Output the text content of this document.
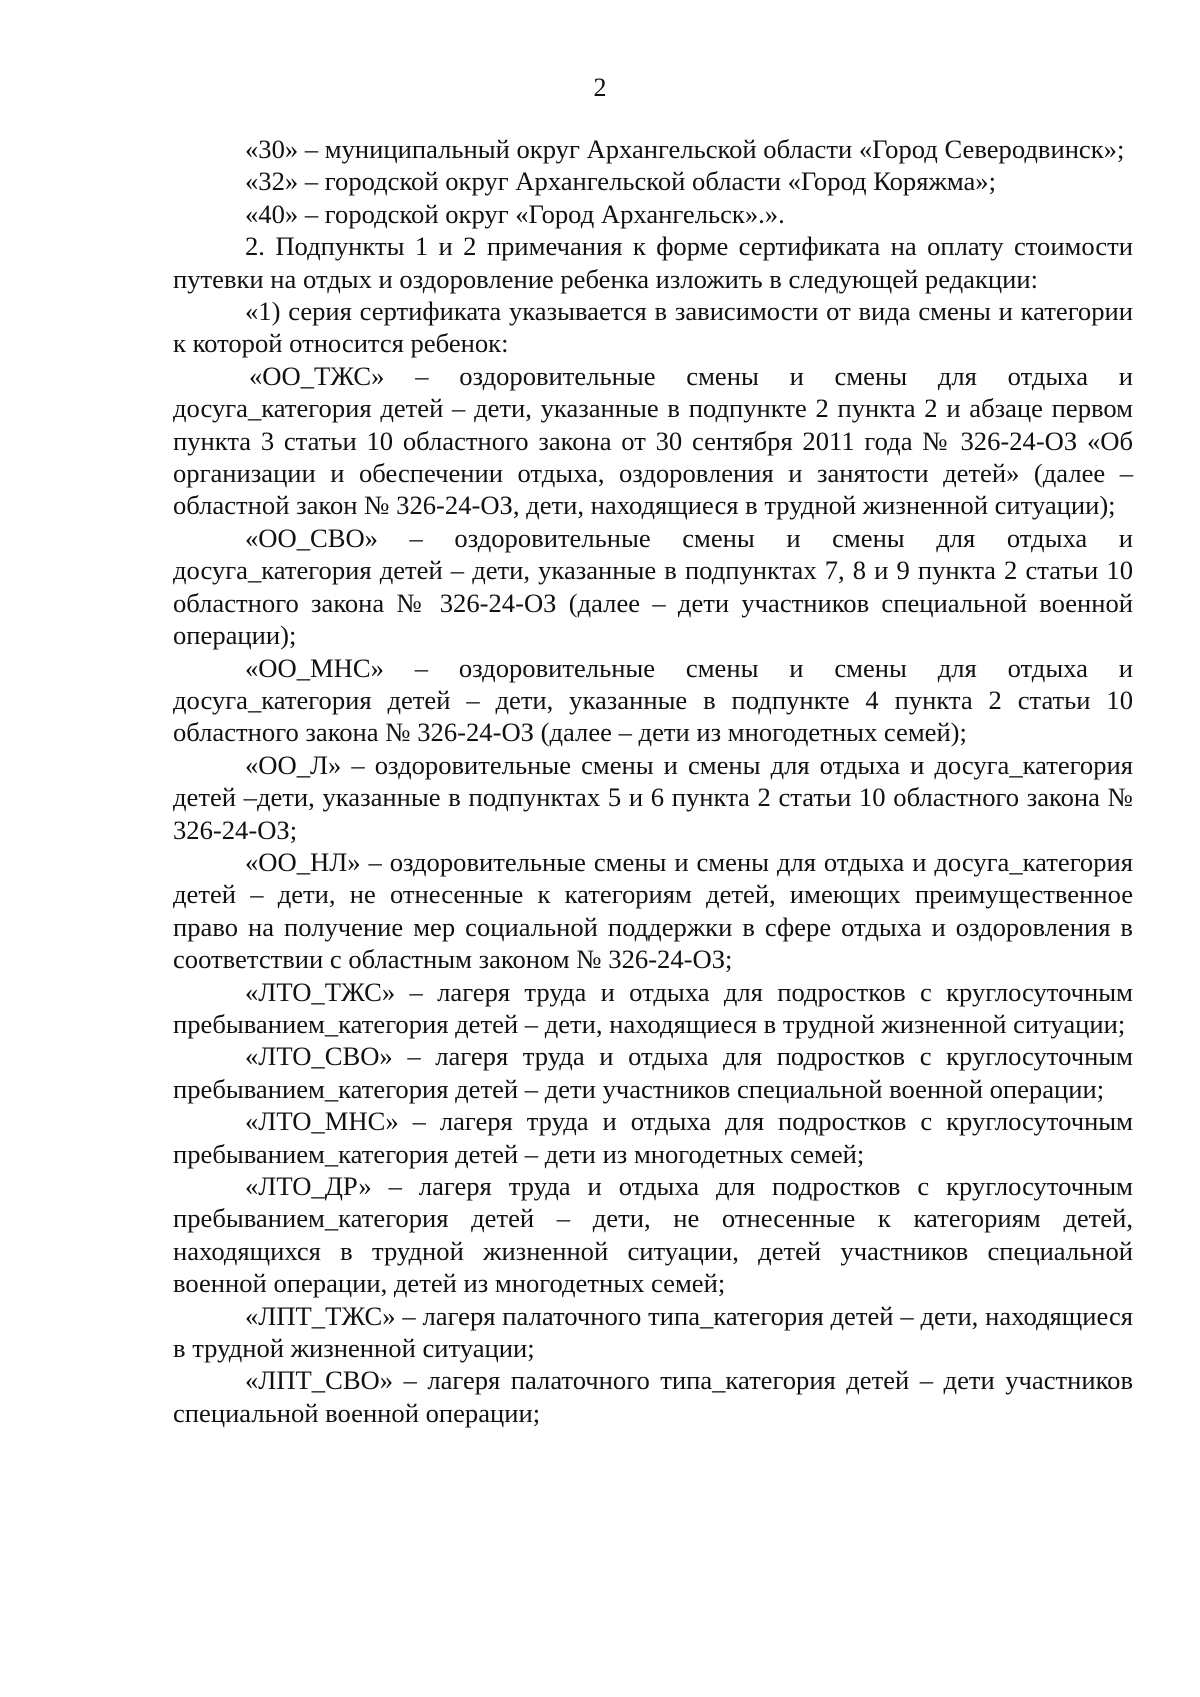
2

«30» – муниципальный округ Архангельской области «Город Северодвинск»;

«32» – городской округ Архангельской области «Город Коряжма»;

«40» – городской округ «Город Архангельск».».

2. Подпункты 1 и 2 примечания к форме сертификата на оплату стоимости путевки на отдых и оздоровление ребенка изложить в следующей редакции:

«1) серия сертификата указывается в зависимости от вида смены и категории к которой относится ребенок:

«ОО_ТЖС» – оздоровительные смены и смены для отдыха и досуга_категория детей – дети, указанные в подпункте 2 пункта 2 и абзаце первом пункта 3 статьи 10 областного закона от 30 сентября 2011 года № 326-24-ОЗ «Об организации и обеспечении отдыха, оздоровления и занятости детей» (далее – областной закон № 326-24-ОЗ, дети, находящиеся в трудной жизненной ситуации);

«ОО_СВО» – оздоровительные смены и смены для отдыха и досуга_категория детей – дети, указанные в подпунктах 7, 8 и 9 пункта 2 статьи 10 областного закона № 326-24-ОЗ (далее – дети участников специальной военной операции);

«ОО_МНС» – оздоровительные смены и смены для отдыха и досуга_категория детей – дети, указанные в подпункте 4 пункта 2 статьи 10 областного закона № 326-24-ОЗ (далее – дети из многодетных семей);

«ОО_Л» – оздоровительные смены и смены для отдыха и досуга_категория детей –дети, указанные в подпунктах 5 и 6 пункта 2 статьи 10 областного закона № 326-24-ОЗ;

«ОО_НЛ» – оздоровительные смены и смены для отдыха и досуга_категория детей – дети, не отнесенные к категориям детей, имеющих преимущественное право на получение мер социальной поддержки в сфере отдыха и оздоровления в соответствии с областным законом № 326-24-ОЗ;

«ЛТО_ТЖС» – лагеря труда и отдыха для подростков с круглосуточным пребыванием_категория детей – дети, находящиеся в трудной жизненной ситуации;

«ЛТО_СВО» – лагеря труда и отдыха для подростков с круглосуточным пребыванием_категория детей – дети участников специальной военной операции;

«ЛТО_МНС» – лагеря труда и отдыха для подростков с круглосуточным пребыванием_категория детей – дети из многодетных семей;

«ЛТО_ДР» – лагеря труда и отдыха для подростков с круглосуточным пребыванием_категория детей – дети, не отнесенные к категориям детей, находящихся в трудной жизненной ситуации, детей участников специальной военной операции, детей из многодетных семей;

«ЛПТ_ТЖС» – лагеря палаточного типа_категория детей – дети, находящиеся в трудной жизненной ситуации;

«ЛПТ_СВО» – лагеря палаточного типа_категория детей – дети участников специальной военной операции;
